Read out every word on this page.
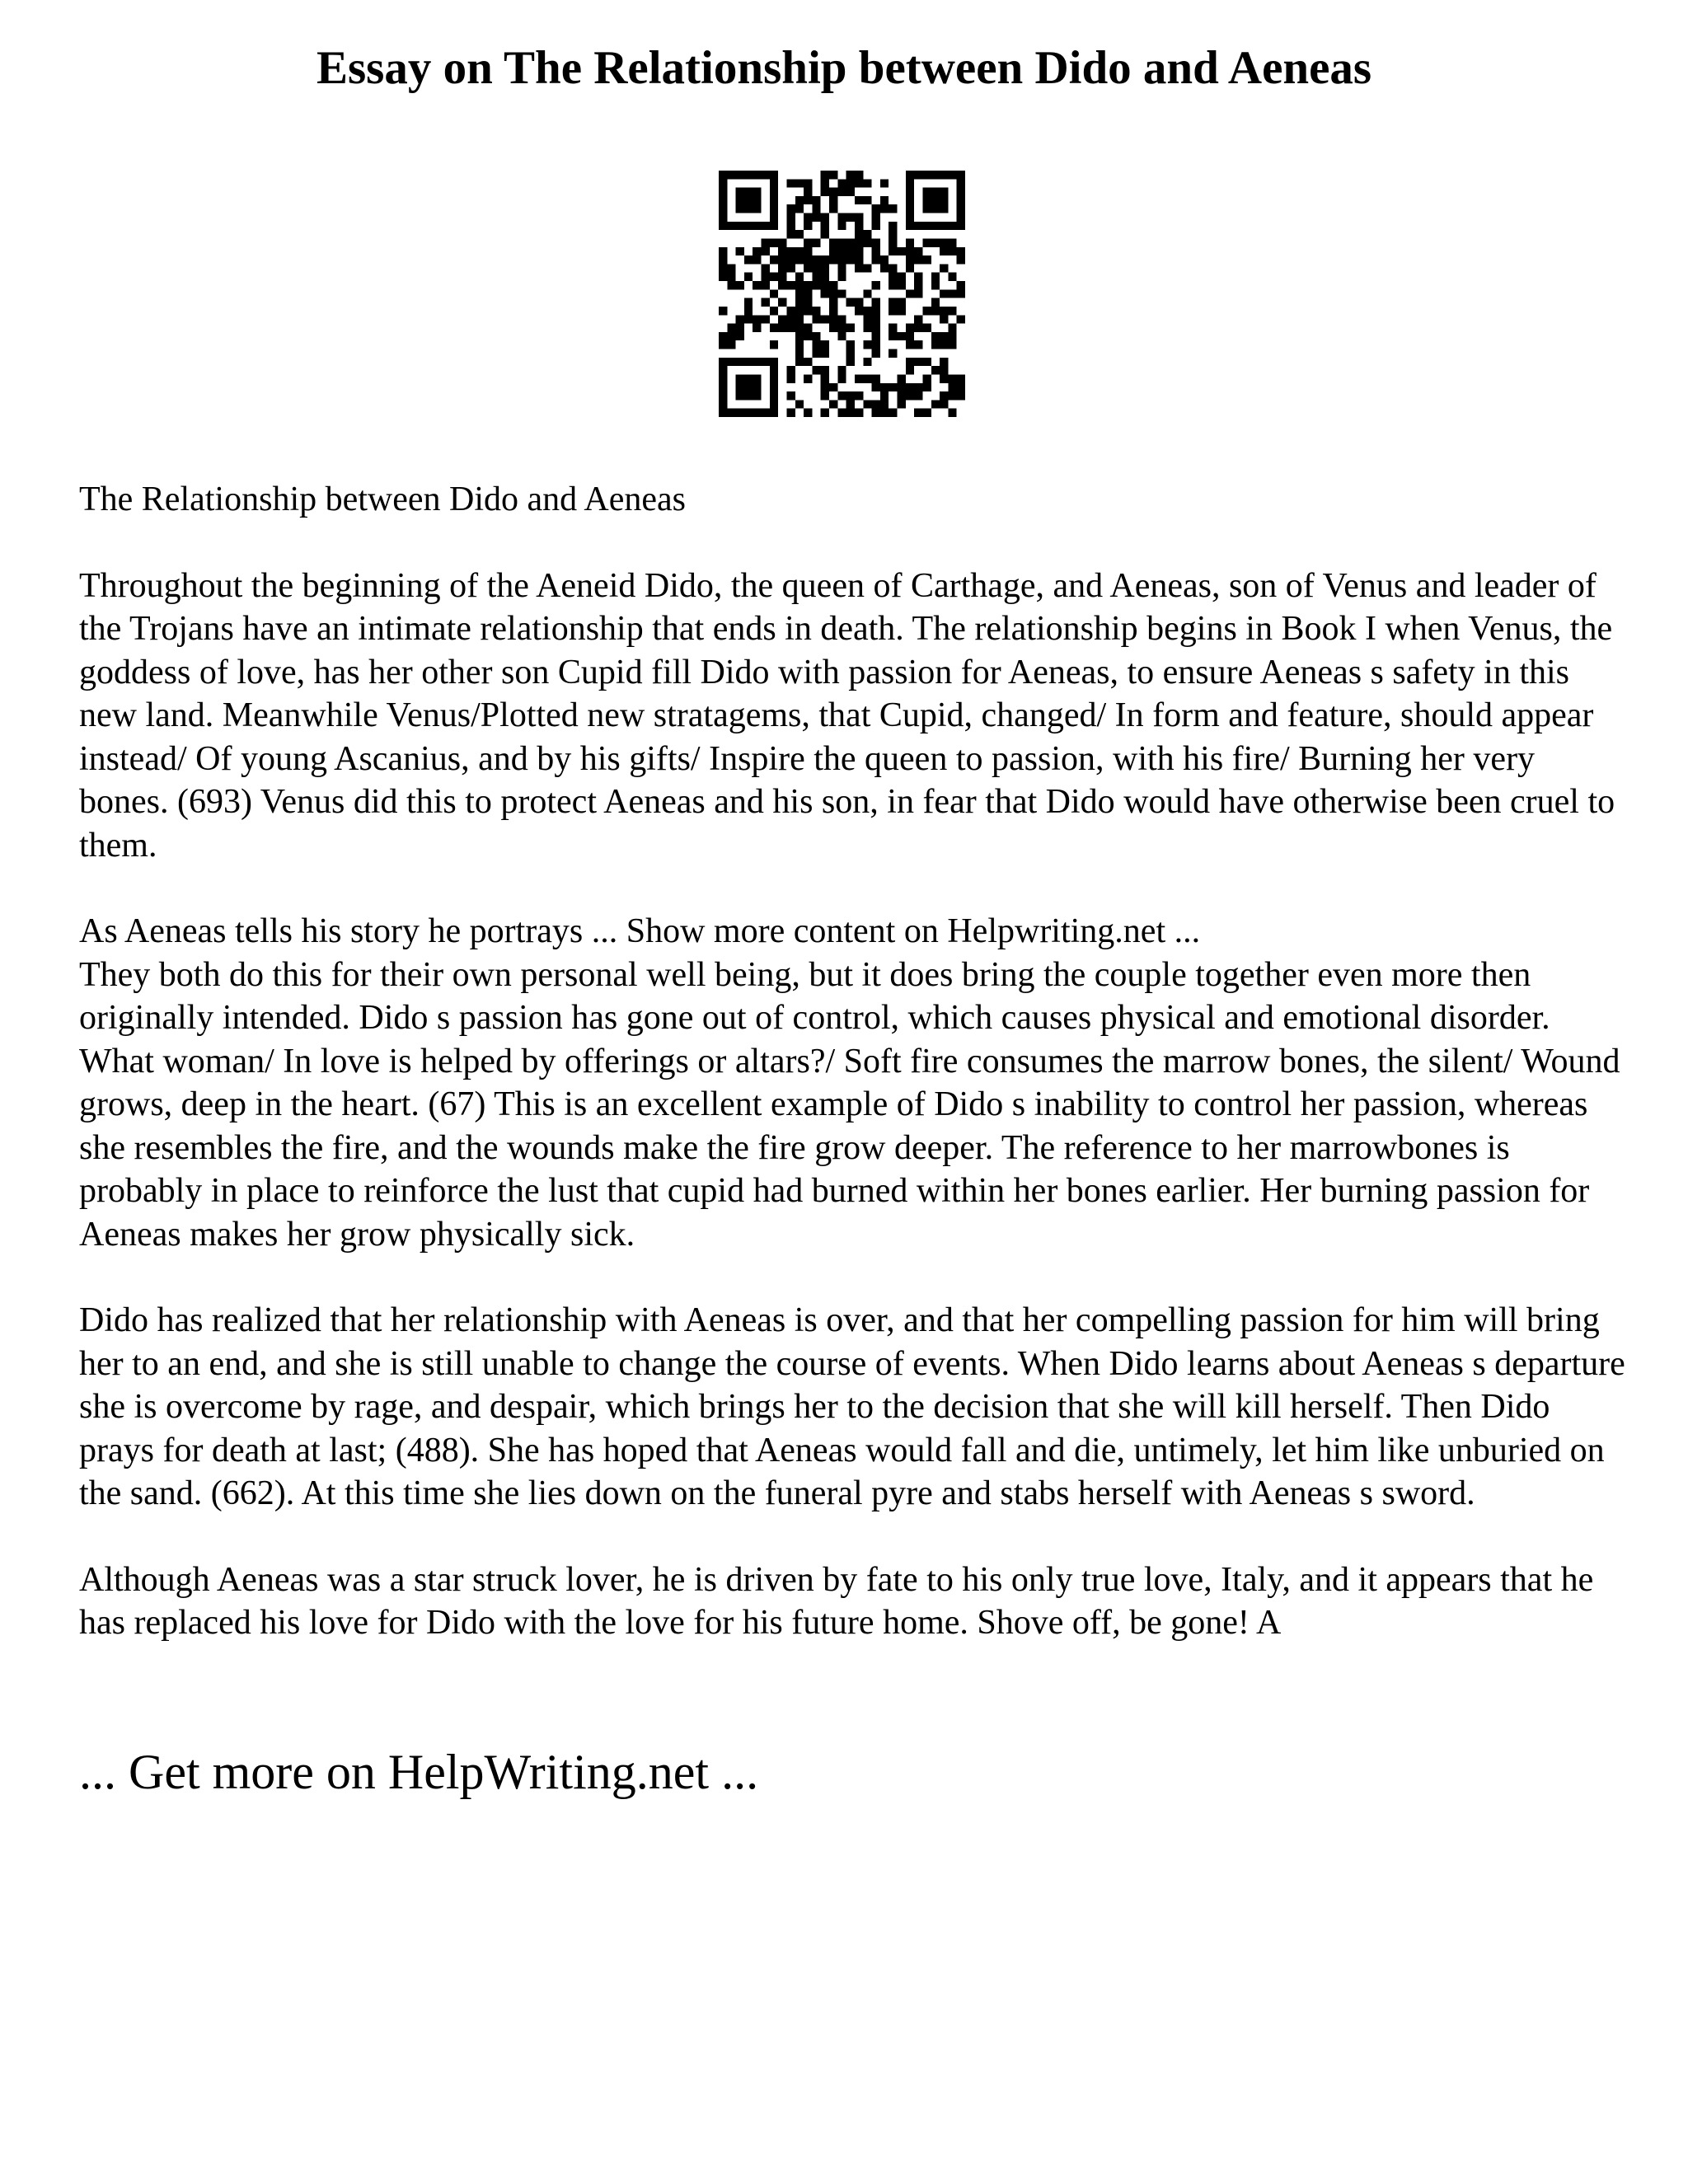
Essay on The Relationship between Dido and Aeneas

The Relationship between Dido and Aeneas

Throughout the beginning of the Aeneid Dido, the queen of Carthage, and Aeneas, son of Venus and leader of the Trojans have an intimate relationship that ends in death. The relationship begins in Book I when Venus, the goddess of love, has her other son Cupid fill Dido with passion for Aeneas, to ensure Aeneas s safety in this new land. Meanwhile Venus/Plotted new stratagems, that Cupid, changed/ In form and feature, should appear instead/ Of young Ascanius, and by his gifts/ Inspire the queen to passion, with his fire/ Burning her very bones. (693) Venus did this to protect Aeneas and his son, in fear that Dido would have otherwise been cruel to them.

As Aeneas tells his story he portrays ... Show more content on Helpwriting.net ...

They both do this for their own personal well being, but it does bring the couple together even more then originally intended. Dido s passion has gone out of control, which causes physical and emotional disorder. What woman/ In love is helped by offerings or altars?/ Soft fire consumes the marrow bones, the silent/ Wound grows, deep in the heart. (67) This is an excellent example of Dido s inability to control her passion, whereas she resembles the fire, and the wounds make the fire grow deeper. The reference to her marrowbones is probably in place to reinforce the lust that cupid had burned within her bones earlier. Her burning passion for Aeneas makes her grow physically sick.

Dido has realized that her relationship with Aeneas is over, and that her compelling passion for him will bring her to an end, and she is still unable to change the course of events. When Dido learns about Aeneas s departure she is overcome by rage, and despair, which brings her to the decision that she will kill herself. Then Dido prays for death at last; (488). She has hoped that Aeneas would fall and die, untimely, let him like unburied on the sand. (662). At this time she lies down on the funeral pyre and stabs herself with Aeneas s sword.

Although Aeneas was a star struck lover, he is driven by fate to his only true love, Italy, and it appears that he has replaced his love for Dido with the love for his future home. Shove off, be gone! A

... Get more on HelpWriting.net ...
